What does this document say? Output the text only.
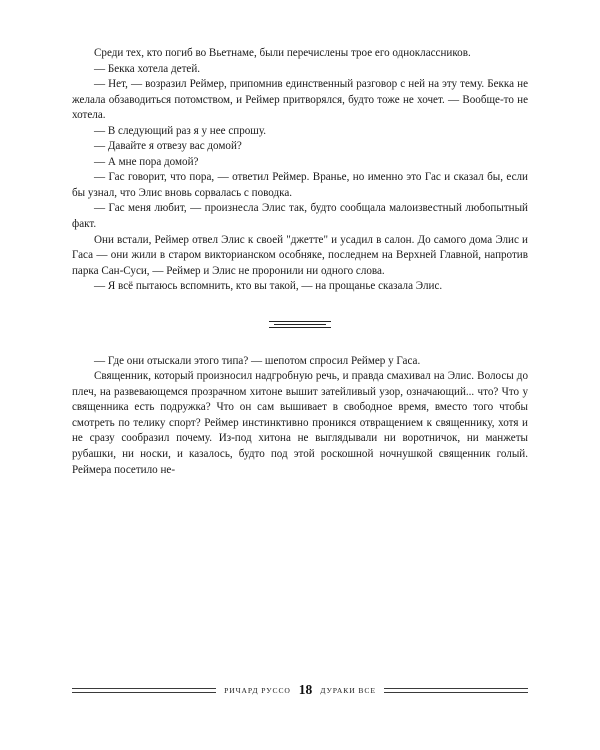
Среди тех, кто погиб во Вьетнаме, были перечислены трое его одноклассников.

— Бекка хотела детей.

— Нет, — возразил Реймер, припомнив единственный разговор с ней на эту тему. Бекка не желала обзаводиться потомством, и Реймер притворялся, будто тоже не хочет. — Вообще-то не хотела.

— В следующий раз я у нее спрошу.

— Давайте я отвезу вас домой?

— А мне пора домой?

— Гас говорит, что пора, — ответил Реймер. Вранье, но именно это Гас и сказал бы, если бы узнал, что Элис вновь сорвалась с поводка.

— Гас меня любит, — произнесла Элис так, будто сообщала малоизвестный любопытный факт.

Они встали, Реймер отвел Элис к своей "джетте" и усадил в салон. До самого дома Элис и Гаса — они жили в старом викторианском особняке, последнем на Верхней Главной, напротив парка Сан-Суси, — Реймер и Элис не проронили ни одного слова.

— Я всё пытаюсь вспомнить, кто вы такой, — на прощанье сказала Элис.

— Где они отыскали этого типа? — шепотом спросил Реймер у Гаса.

Священник, который произносил надгробную речь, и правда смахивал на Элис. Волосы до плеч, на развевающемся прозрачном хитоне вышит затейливый узор, означающий... что? Что у священника есть подружка? Что он сам вышивает в свободное время, вместо того чтобы смотреть по телику спорт? Реймер инстинктивно проникся отвращением к священнику, хотя и не сразу сообразил почему. Из-под хитона не выглядывали ни воротничок, ни манжеты рубашки, ни носки, и казалось, будто под этой роскошной ночнушкой священник голый. Реймера посетило не-

РИЧАРД РУССО 18 ДУРАКИ ВСЕ
